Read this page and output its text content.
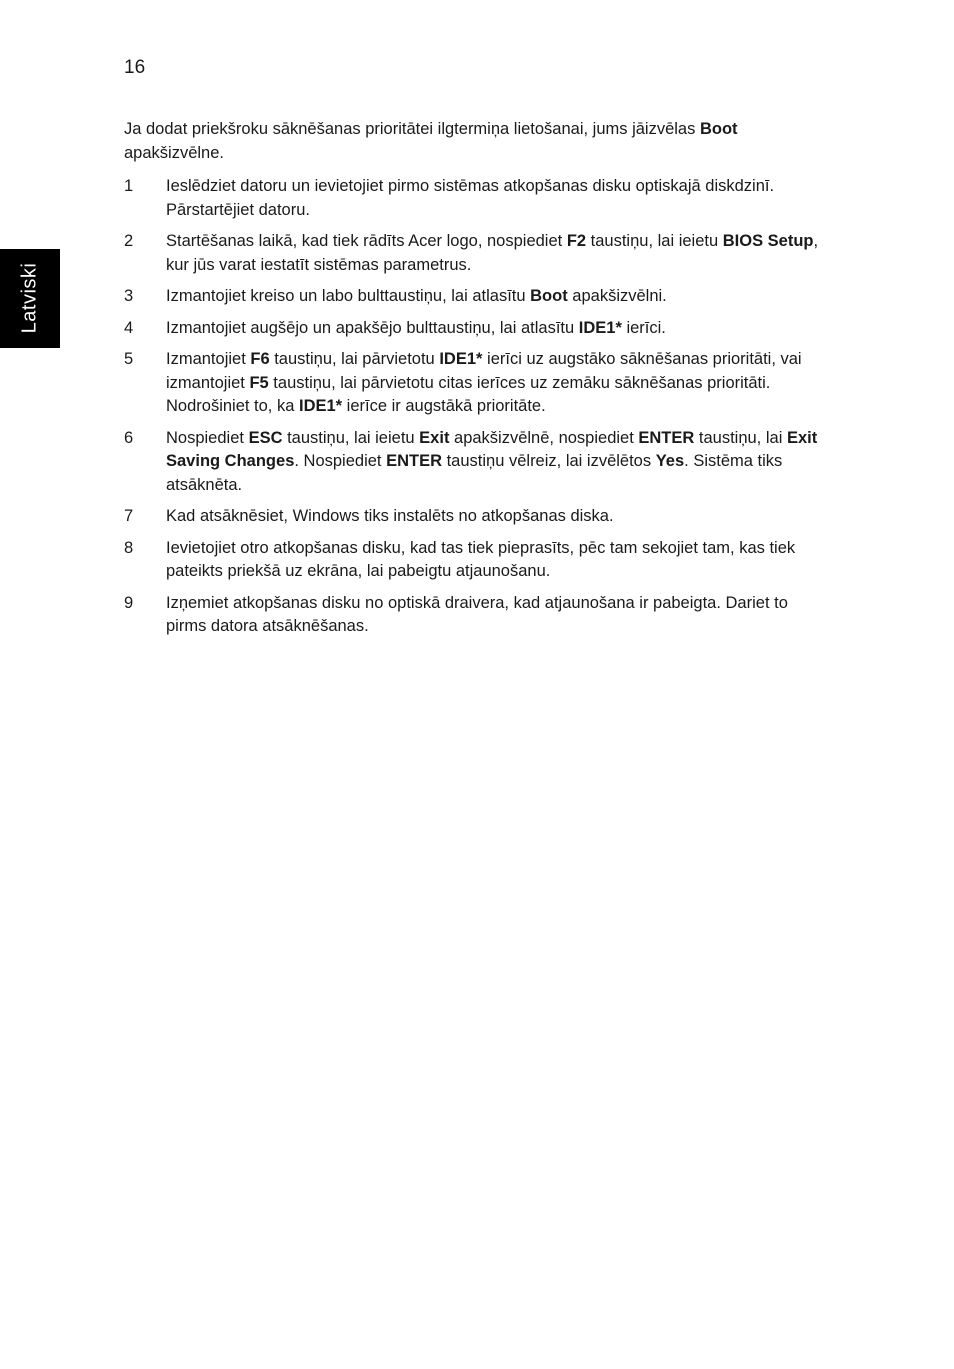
16
Latviski

Ja dodat priekšroku sāknēšanas prioritātei ilgtermiņa lietošanai, jums jāizvēlas Boot apakšizvēlne.

1 Ieslēdziet datoru un ievietojiet pirmo sistēmas atkopšanas disku optiskajā diskdzinī. Pārstartējiet datoru.
2 Startēšanas laikā, kad tiek rādīts Acer logo, nospiediet F2 taustiņu, lai ieietu BIOS Setup, kur jūs varat iestatīt sistēmas parametrus.
3 Izmantojiet kreiso un labo bulttaustiņu, lai atlasītu Boot apakšizvēlni.
4 Izmantojiet augšējo un apakšējo bulttaustiņu, lai atlasītu IDE1* ierīci.
5 Izmantojiet F6 taustiņu, lai pārvietotu IDE1* ierīci uz augstāko sāknēšanas prioritāti, vai izmantojiet F5 taustiņu, lai pārvietotu citas ierīces uz zemāku sāknēšanas prioritāti. Nodrošiniet to, ka IDE1* ierīce ir augstākā prioritāte.
6 Nospiediet ESC taustiņu, lai ieietu Exit apakšizvēlnē, nospiediet ENTER taustiņu, lai Exit Saving Changes. Nospiediet ENTER taustiņu vēlreiz, lai izvēlētos Yes. Sistēma tiks atsāknēta.
7 Kad atsāknēsiet, Windows tiks instalēts no atkopšanas diska.
8 Ievietojiet otro atkopšanas disku, kad tas tiek pieprasīts, pēc tam sekojiet tam, kas tiek pateikts priekšā uz ekrāna, lai pabeigtu atjaunošanu.
9 Izņemiet atkopšanas disku no optiskā draivera, kad atjaunošana ir pabeigta. Dariet to pirms datora atsāknēšanas.
